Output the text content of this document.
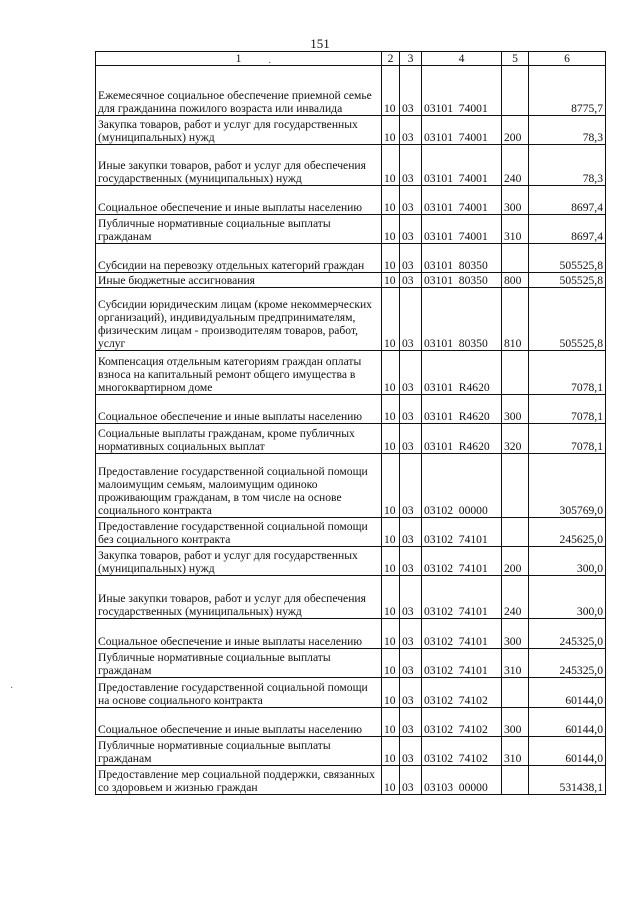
151
1	2	3	4	5	6
Ежемесячное социальное обеспечение приемной семье для гражданина пожилого возраста или инвалида	10	03	03101  74001		8775,7
Закупка товаров, работ и услуг для государственных (муниципальных) нужд	10	03	03101  74001	200	78,3
Иные закупки товаров, работ и услуг для обеспечения государственных (муниципальных) нужд	10	03	03101  74001	240	78,3
Социальное обеспечение и иные выплаты населению	10	03	03101  74001	300	8697,4
Публичные нормативные социальные выплаты гражданам	10	03	03101  74001	310	8697,4
Субсидии на перевозку отдельных категорий граждан	10	03	03101  80350		505525,8
Иные бюджетные ассигнования	10	03	03101  80350	800	505525,8
Субсидии юридическим лицам (кроме некоммерческих организаций), индивидуальным предпринимателям, физическим лицам - производителям товаров, работ, услуг	10	03	03101  80350	810	505525,8
Компенсация отдельным категориям граждан оплаты взноса на капитальный ремонт общего имущества в многоквартирном доме	10	03	03101  R4620		7078,1
Социальное обеспечение и иные выплаты населению	10	03	03101  R4620	300	7078,1
Социальные выплаты гражданам, кроме публичных нормативных социальных выплат	10	03	03101  R4620	320	7078,1
Предоставление государственной социальной помощи малоимущим семьям, малоимущим одиноко проживающим гражданам, в том числе на основе социального контракта	10	03	03102  00000		305769,0
Предоставление государственной социальной помощи без социального контракта	10	03	03102  74101		245625,0
Закупка товаров, работ и услуг для государственных (муниципальных) нужд	10	03	03102  74101	200	300,0
Иные закупки товаров, работ и услуг для обеспечения государственных (муниципальных) нужд	10	03	03102  74101	240	300,0
Социальное обеспечение и иные выплаты населению	10	03	03102  74101	300	245325,0
Публичные нормативные социальные выплаты гражданам	10	03	03102  74101	310	245325,0
Предоставление государственной социальной помощи на основе социального контракта	10	03	03102  74102		60144,0
Социальное обеспечение и иные выплаты населению	10	03	03102  74102	300	60144,0
Публичные нормативные социальные выплаты гражданам	10	03	03102  74102	310	60144,0
Предоставление мер социальной поддержки, связанных со здоровьем и жизнью граждан	10	03	03103  00000		531438,1
·
·
